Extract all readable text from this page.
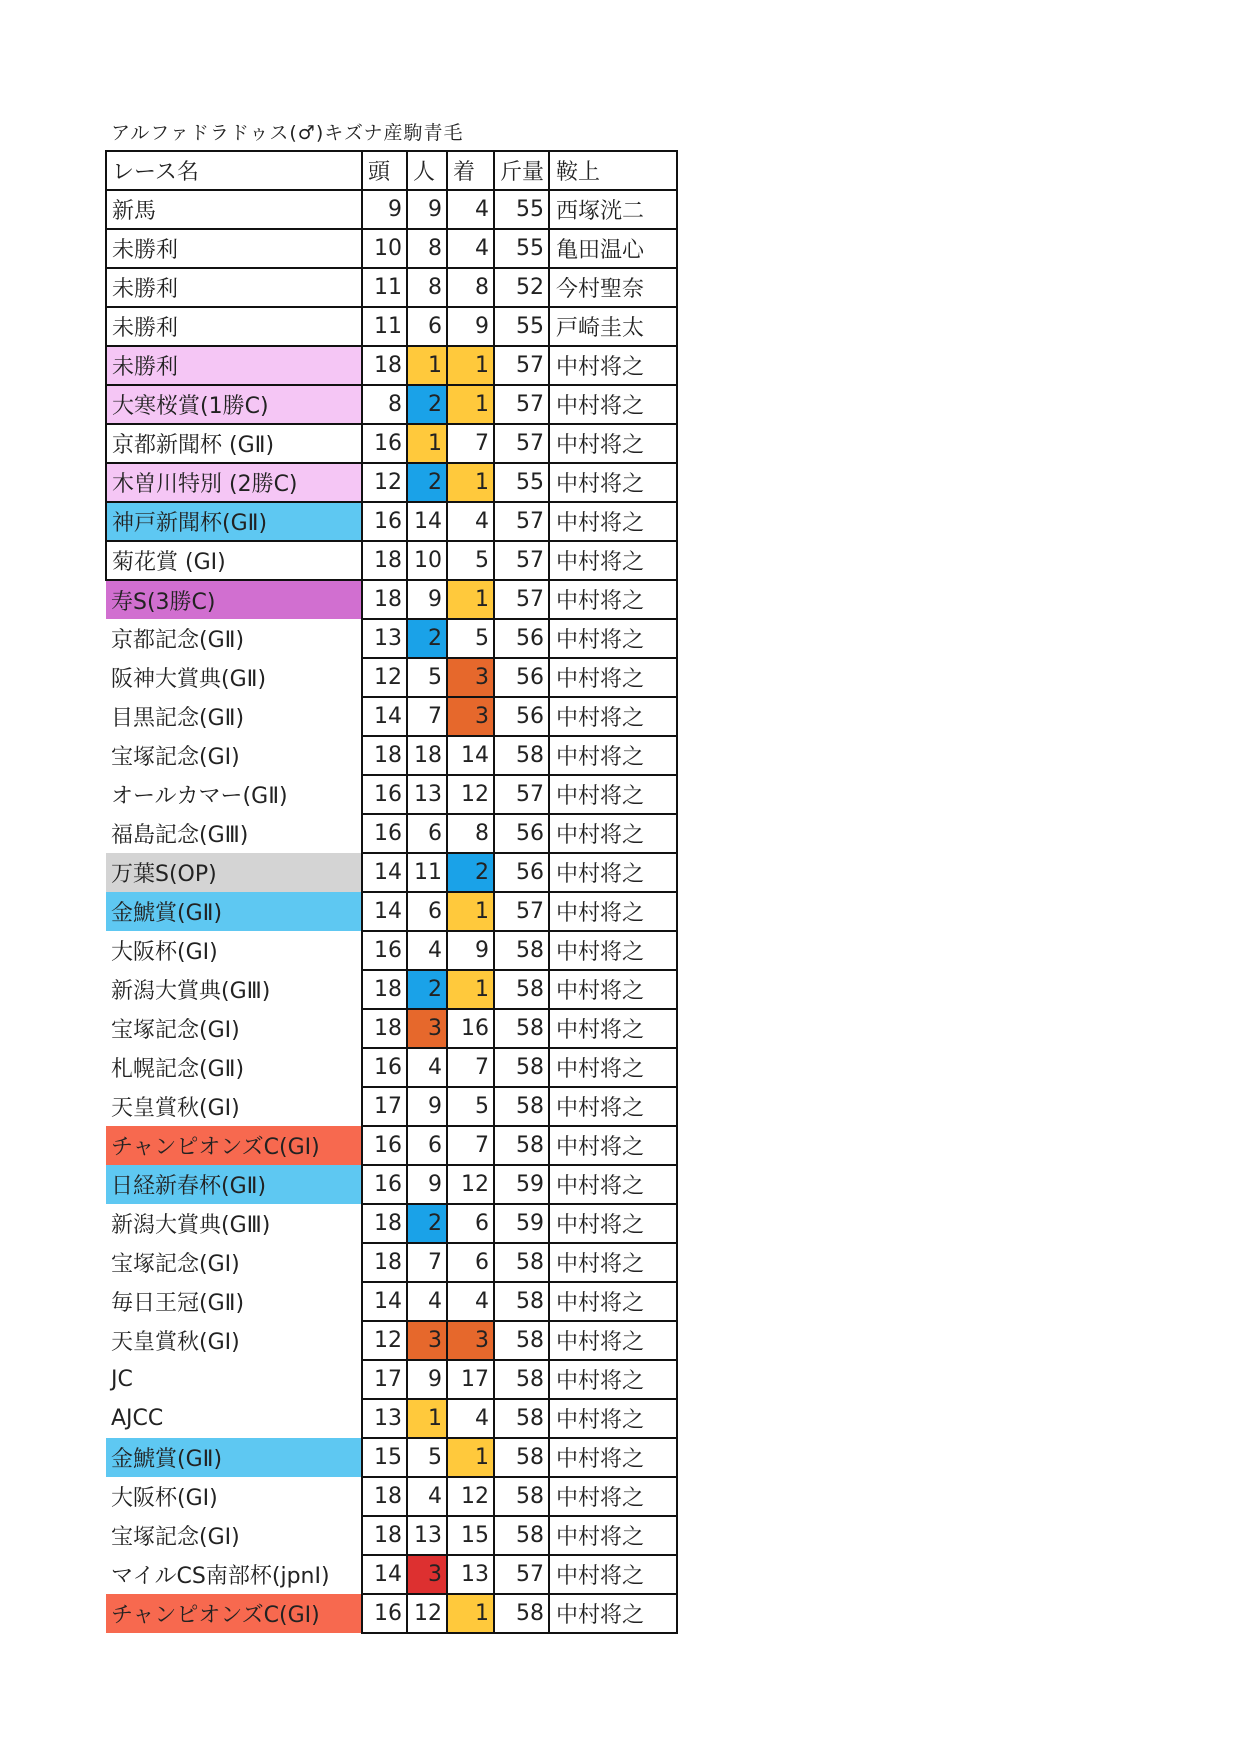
アルファドラドゥス(♂)キズナ産駒青毛
レース名	頭	人	着	斤量	鞍上
新馬	9	9	4	55	西塚洸二
未勝利	10	8	4	55	亀田温心
未勝利	11	8	8	52	今村聖奈
未勝利	11	6	9	55	戸崎圭太
未勝利	18	1	1	57	中村将之
大寒桜賞(1勝C)	8	2	1	57	中村将之
京都新聞杯 (GⅡ)	16	1	7	57	中村将之
木曽川特別 (2勝C)	12	2	1	55	中村将之
神戸新聞杯(GⅡ)	16	14	4	57	中村将之
菊花賞 (GⅠ)	18	10	5	57	中村将之
寿S(3勝C)	18	9	1	57	中村将之
京都記念(GⅡ)	13	2	5	56	中村将之
阪神大賞典(GⅡ)	12	5	3	56	中村将之
目黒記念(GⅡ)	14	7	3	56	中村将之
宝塚記念(GⅠ)	18	18	14	58	中村将之
オールカマー(GⅡ)	16	13	12	57	中村将之
福島記念(GⅢ)	16	6	8	56	中村将之
万葉S(OP)	14	11	2	56	中村将之
金鯱賞(GⅡ)	14	6	1	57	中村将之
大阪杯(GⅠ)	16	4	9	58	中村将之
新潟大賞典(GⅢ)	18	2	1	58	中村将之
宝塚記念(GⅠ)	18	3	16	58	中村将之
札幌記念(GⅡ)	16	4	7	58	中村将之
天皇賞秋(GⅠ)	17	9	5	58	中村将之
チャンピオンズC(GⅠ)	16	6	7	58	中村将之
日経新春杯(GⅡ)	16	9	12	59	中村将之
新潟大賞典(GⅢ)	18	2	6	59	中村将之
宝塚記念(GⅠ)	18	7	6	58	中村将之
毎日王冠(GⅡ)	14	4	4	58	中村将之
天皇賞秋(GⅠ)	12	3	3	58	中村将之
JC	17	9	17	58	中村将之
AJCC	13	1	4	58	中村将之
金鯱賞(GⅡ)	15	5	1	58	中村将之
大阪杯(GⅠ)	18	4	12	58	中村将之
宝塚記念(GⅠ)	18	13	15	58	中村将之
マイルCS南部杯(jpnⅠ)	14	3	13	57	中村将之
チャンピオンズC(GⅠ)	16	12	1	58	中村将之
